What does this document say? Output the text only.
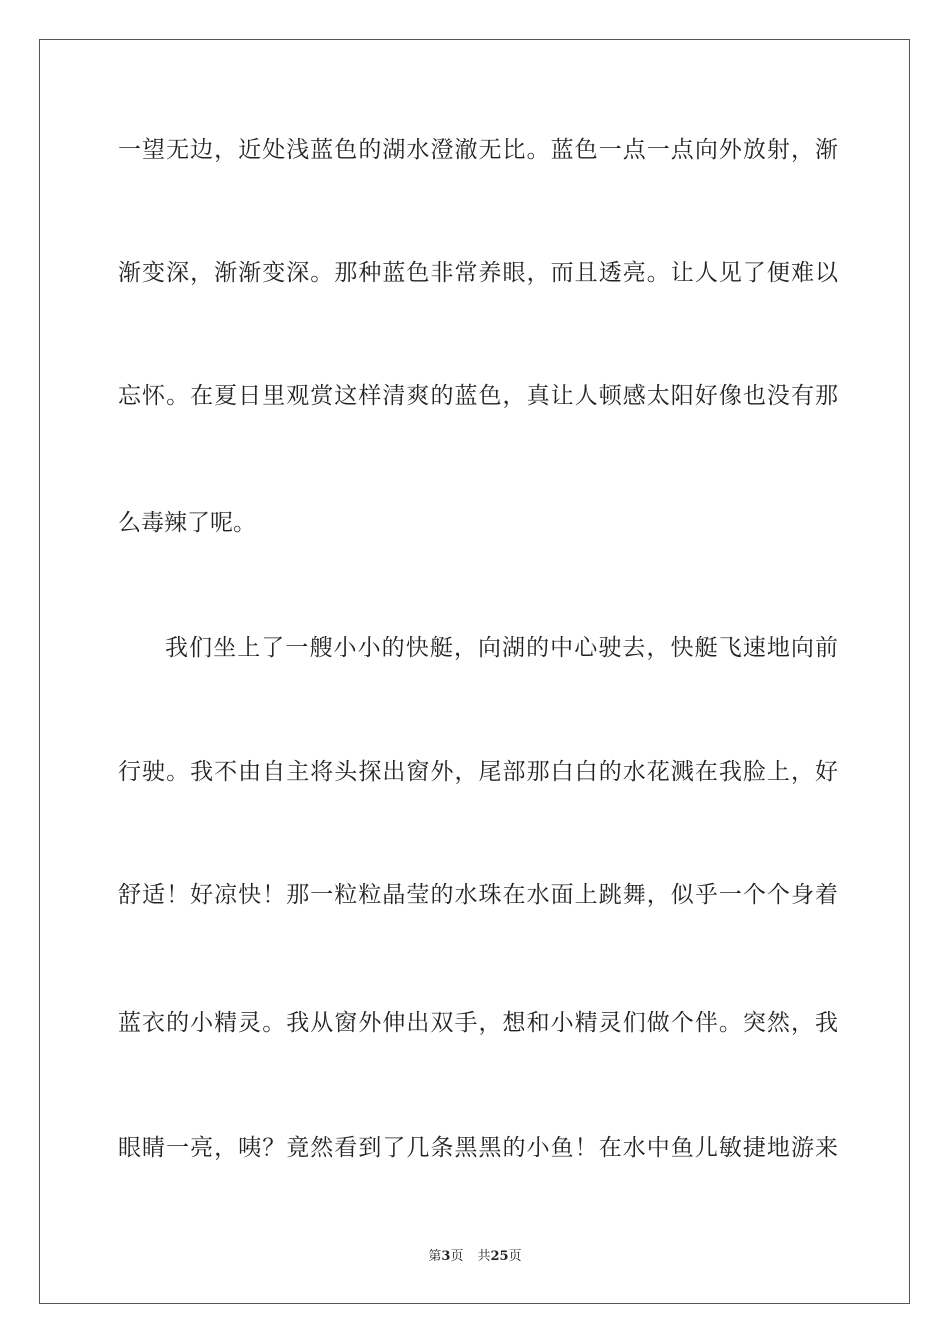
一望无边，近处浅蓝色的湖水澄澈无比。蓝色一点一点向外放射，渐
渐变深，渐渐变深。那种蓝色非常养眼，而且透亮。让人见了便难以
忘怀。在夏日里观赏这样清爽的蓝色，真让人顿感太阳好像也没有那
么毒辣了呢。
我们坐上了一艘小小的快艇，向湖的中心驶去，快艇飞速地向前
行驶。我不由自主将头探出窗外，尾部那白白的水花溅在我脸上，好
舒适！好凉快！那一粒粒晶莹的水珠在水面上跳舞，似乎一个个身着
蓝衣的小精灵。我从窗外伸出双手，想和小精灵们做个伴。突然，我
眼睛一亮，咦？竟然看到了几条黑黑的小鱼！在水中鱼儿敏捷地游来
第3页 共25页
